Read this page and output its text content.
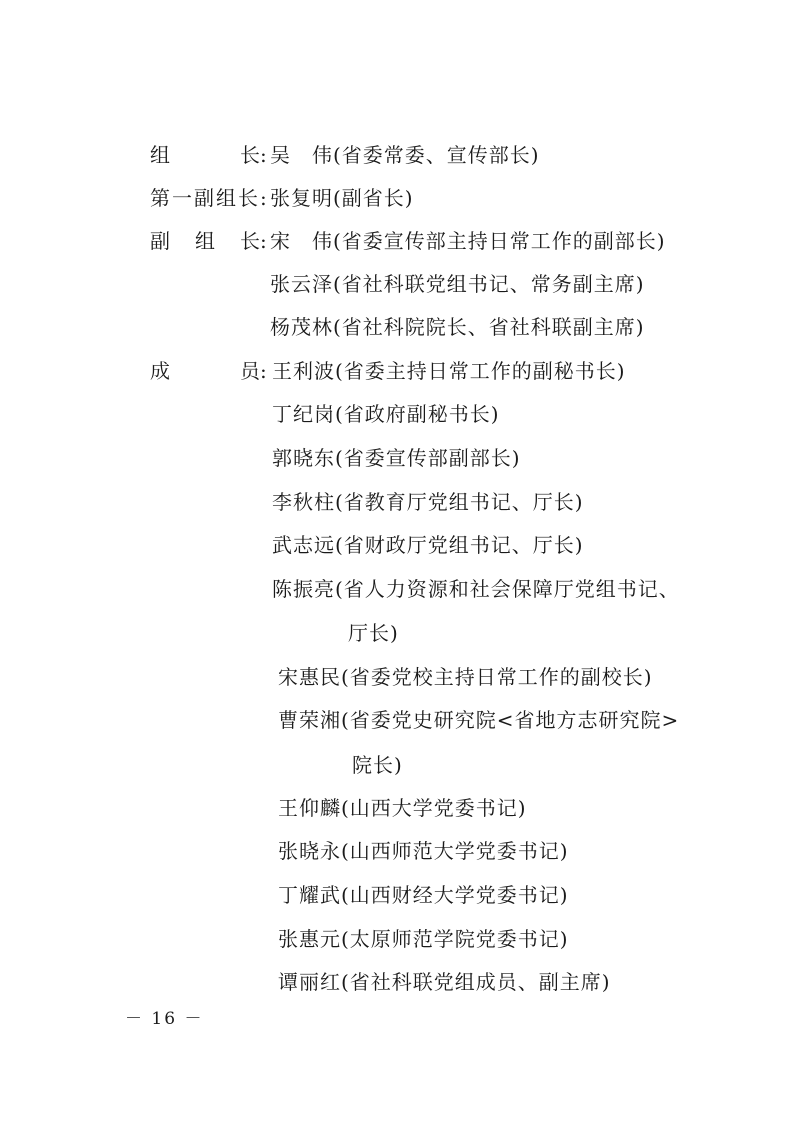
组	长 : 吴　伟(省委常委、宣传部长)
第一副组长 : 张复明(副省长)
副 组 长 : 宋　伟(省委宣传部主持日常工作的副部长)
张云泽(省社科联党组书记、常务副主席)
杨茂林(省社科院院长、省社科联副主席)
成	员 : 王利波(省委主持日常工作的副秘书长)
丁纪岗(省政府副秘书长)
郭晓东(省委宣传部副部长)
李秋柱(省教育厅党组书记、厅长)
武志远(省财政厅党组书记、厅长)
陈振亮(省人力资源和社会保障厅党组书记、
厅长)
宋惠民(省委党校主持日常工作的副校长)
曹荣湘(省委党史研究院<省地方志研究院>
院长)
王仰麟(山西大学党委书记)
张晓永(山西师范大学党委书记)
丁耀武(山西财经大学党委书记)
张惠元(太原师范学院党委书记)
谭丽红(省社科联党组成员、副主席)
－ 16 －
